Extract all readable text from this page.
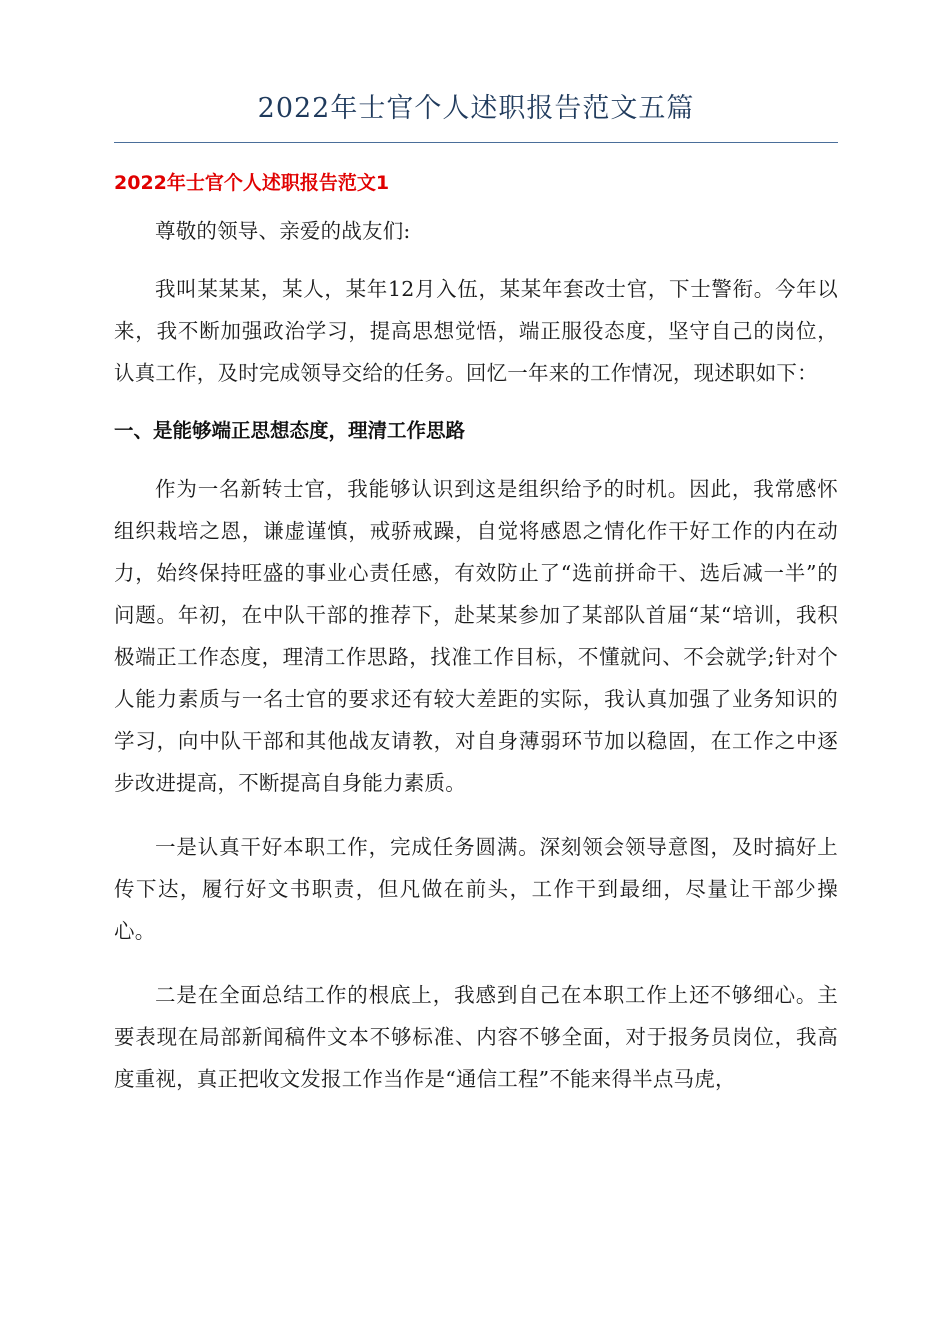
2022年士官个人述职报告范文五篇
2022年士官个人述职报告范文1

尊敬的领导、亲爱的战友们:

我叫某某某，某人，某年12月入伍，某某年套改士官，下士警衔。今年以来，我不断加强政治学习，提高思想觉悟，端正服役态度，坚守自己的岗位，认真工作，及时完成领导交给的任务。回忆一年来的工作情况，现述职如下：

一、是能够端正思想态度，理清工作思路

作为一名新转士官，我能够认识到这是组织给予的时机。因此，我常感怀组织栽培之恩，谦虚谨慎，戒骄戒躁，自觉将感恩之情化作干好工作的内在动力，始终保持旺盛的事业心责任感，有效防止了“选前拼命干、选后减一半”的问题。年初，在中队干部的推荐下，赴某某参加了某部队首届“某“培训，我积极端正工作态度，理清工作思路，找准工作目标，不懂就问、不会就学;针对个人能力素质与一名士官的要求还有较大差距的实际，我认真加强了业务知识的学习，向中队干部和其他战友请教，对自身薄弱环节加以稳固，在工作之中逐步改进提高，不断提高自身能力素质。

一是认真干好本职工作，完成任务圆满。深刻领会领导意图，及时搞好上传下达，履行好文书职责，但凡做在前头，工作干到最细，尽量让干部少操心。

二是在全面总结工作的根底上，我感到自己在本职工作上还不够细心。主要表现在局部新闻稿件文本不够标准、内容不够全面，对于报务员岗位，我高度重视，真正把收文发报工作当作是“通信工程”不能来得半点马虎，
